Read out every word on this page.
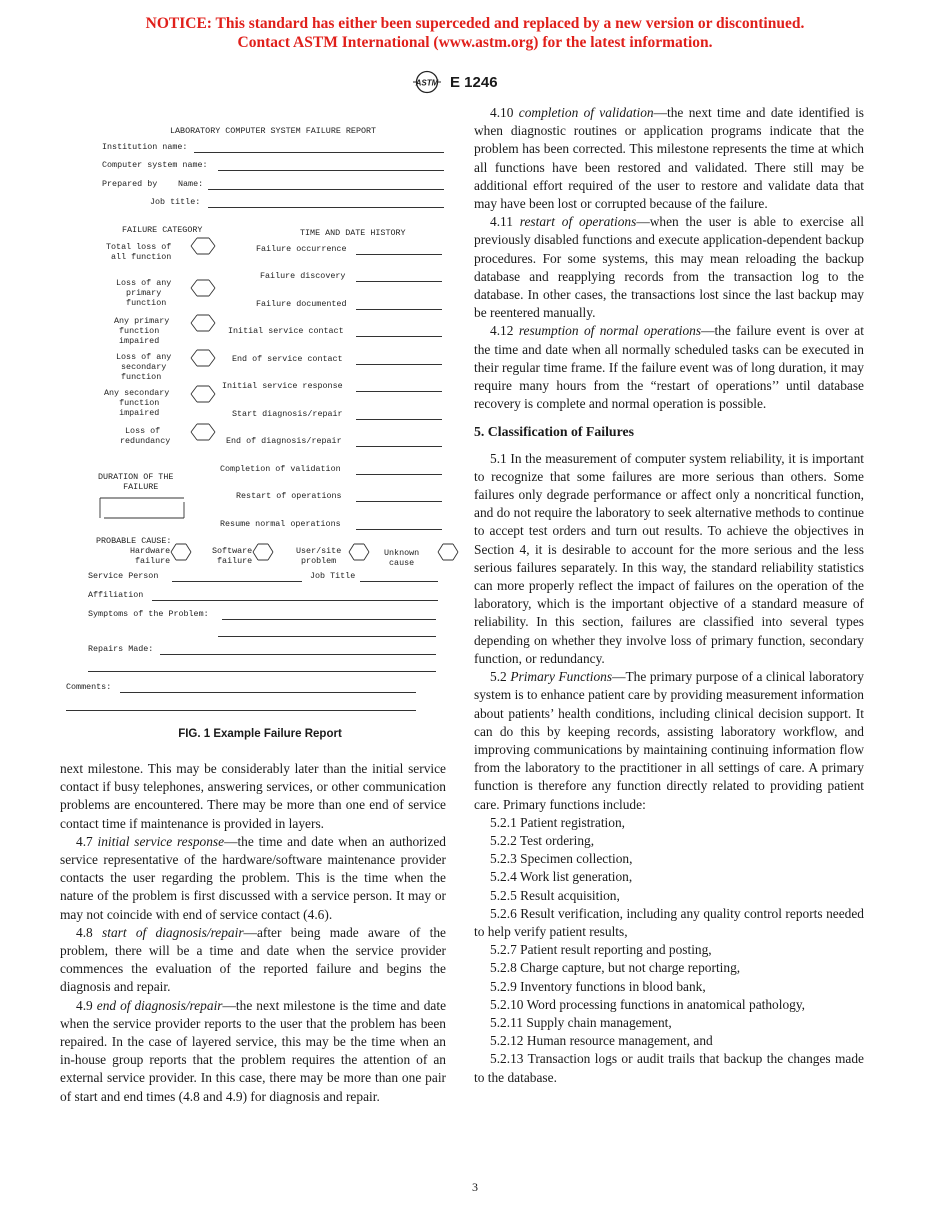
NOTICE: This standard has either been superceded and replaced by a new version or discontinued.
Contact ASTM International (www.astm.org) for the latest information.
ASTM E 1246
LABORATORY COMPUTER SYSTEM FAILURE REPORT
Institution name:
Computer system name:
Prepared by Name:
Job title:
FAILURE CATEGORY	TIME AND DATE HISTORY
Total loss of
all function
Loss of any
primary
function
Any primary
function
impaired
Loss of any
secondary
function
Any secondary
function
impaired
Loss of
redundancy
Failure occurrence
Failure discovery
Failure documented
Initial service contact
End of service contact
Initial service response
Start diagnosis/repair
End of diagnosis/repair
Completion of validation
Restart of operations
Resume normal operations
DURATION OF THE
FAILURE
PROBABLE CAUSE:
Hardware
failure
Software
failure
User/site
problem
Unknown
cause
Service Person	Job Title
Affiliation
Symptoms of the Problem:
Repairs Made:
Comments:
FIG. 1 Example Failure Report

next milestone. This may be considerably later than the initial service contact if busy telephones, answering services, or other communication problems are encountered. There may be more than one end of service contact time if maintenance is provided in layers.

4.7 initial service response—the time and date when an authorized service representative of the hardware/software maintenance provider contacts the user regarding the problem. This is the time when the nature of the problem is first discussed with a service person. It may or may not coincide with end of service contact (4.6).

4.8 start of diagnosis/repair—after being made aware of the problem, there will be a time and date when the service provider commences the evaluation of the reported failure and begins the diagnosis and repair.

4.9 end of diagnosis/repair—the next milestone is the time and date when the service provider reports to the user that the problem has been repaired. In the case of layered service, this may be the time when an in-house group reports that the problem requires the attention of an external service provider. In this case, there may be more than one pair of start and end times (4.8 and 4.9) for diagnosis and repair.

4.10 completion of validation—the next time and date identified is when diagnostic routines or application programs indicate that the problem has been corrected. This milestone represents the time at which all functions have been restored and validated. There still may be additional effort required of the user to restore and validate data that may have been lost or corrupted because of the failure.

4.11 restart of operations—when the user is able to exercise all previously disabled functions and execute application-dependent backup procedures. For some systems, this may mean reloading the backup database and reapplying records from the transaction log to the database. In other cases, the transactions lost since the last backup may be reentered manually.

4.12 resumption of normal operations—the failure event is over at the time and date when all normally scheduled tasks can be executed in their regular time frame. If the failure event was of long duration, it may require many hours from the “restart of operations’’ until database recovery is complete and normal operation is possible.

5. Classification of Failures

5.1 In the measurement of computer system reliability, it is important to recognize that some failures are more serious than others. Some failures only degrade performance or affect only a noncritical function, and do not require the laboratory to seek alternative methods to continue to accept test orders and turn out results. To achieve the objectives in Section 4, it is desirable to account for the more serious and the less serious failures separately. In this way, the standard reliability statistics can more properly reflect the impact of failures on the operation of the laboratory, which is the important objective of a standard measure of reliability. In this section, failures are classified into several types depending on whether they involve loss of primary function, secondary function, or redundancy.

5.2 Primary Functions—The primary purpose of a clinical laboratory system is to enhance patient care by providing measurement information about patients’ health conditions, including clinical decision support. It can do this by keeping records, assisting laboratory workflow, and improving communications by maintaining continuing information flow from the laboratory to the practitioner in all settings of care. A primary function is therefore any function directly related to providing patient care. Primary functions include:

5.2.1 Patient registration,
5.2.2 Test ordering,
5.2.3 Specimen collection,
5.2.4 Work list generation,
5.2.5 Result acquisition,
5.2.6 Result verification, including any quality control reports needed to help verify patient results,
5.2.7 Patient result reporting and posting,
5.2.8 Charge capture, but not charge reporting,
5.2.9 Inventory functions in blood bank,
5.2.10 Word processing functions in anatomical pathology,
5.2.11 Supply chain management,
5.2.12 Human resource management, and
5.2.13 Transaction logs or audit trails that backup the changes made to the database.
3
